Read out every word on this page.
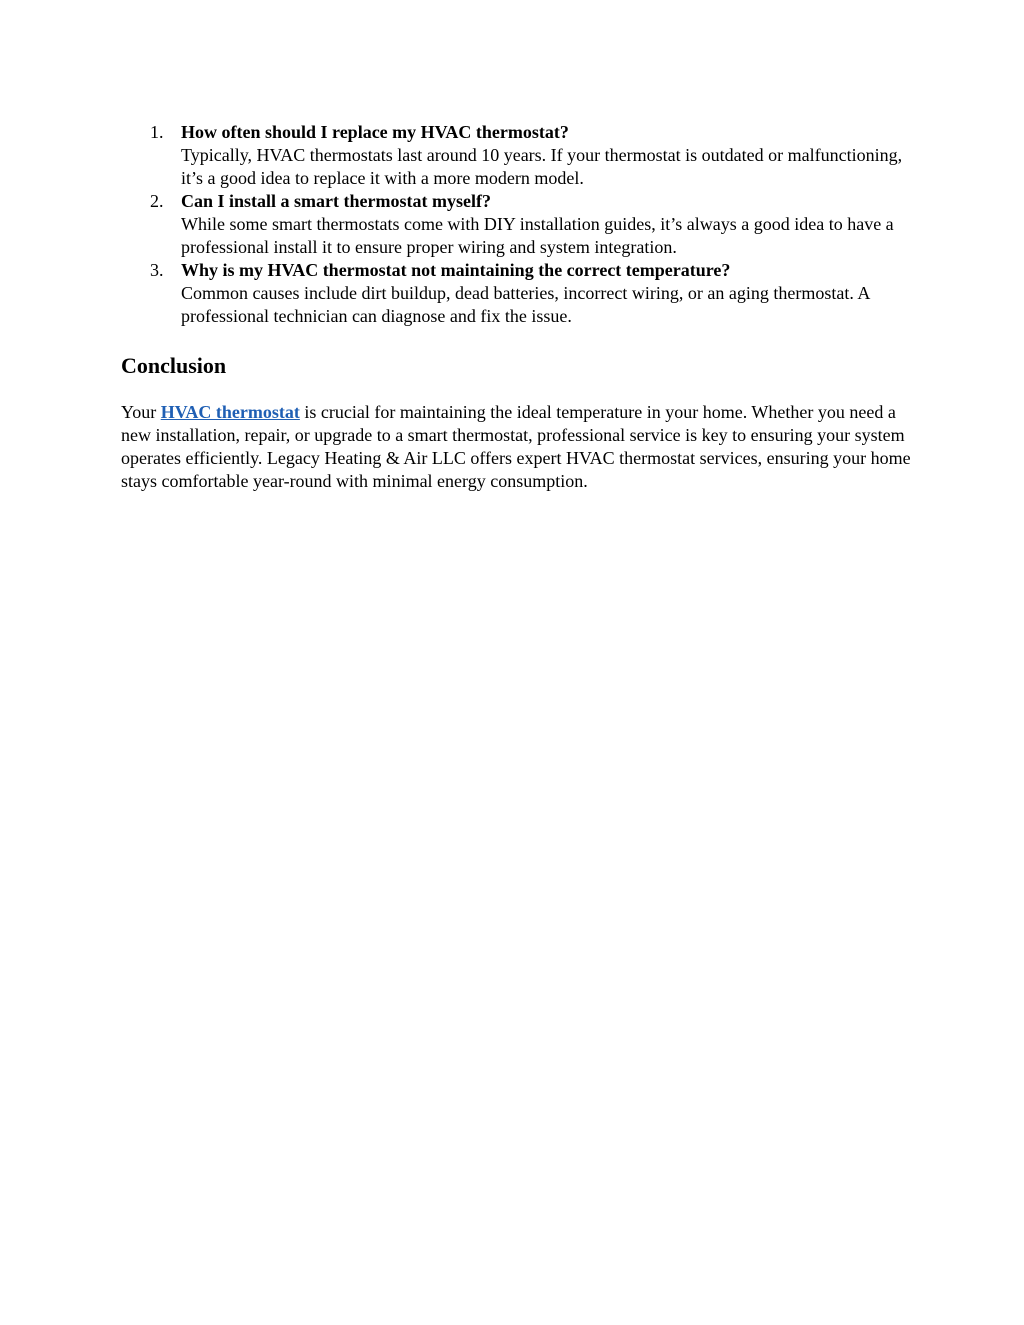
1. How often should I replace my HVAC thermostat?
Typically, HVAC thermostats last around 10 years. If your thermostat is outdated or malfunctioning, it’s a good idea to replace it with a more modern model.
2. Can I install a smart thermostat myself?
While some smart thermostats come with DIY installation guides, it’s always a good idea to have a professional install it to ensure proper wiring and system integration.
3. Why is my HVAC thermostat not maintaining the correct temperature?
Common causes include dirt buildup, dead batteries, incorrect wiring, or an aging thermostat. A professional technician can diagnose and fix the issue.
Conclusion

Your HVAC thermostat is crucial for maintaining the ideal temperature in your home. Whether you need a new installation, repair, or upgrade to a smart thermostat, professional service is key to ensuring your system operates efficiently. Legacy Heating & Air LLC offers expert HVAC thermostat services, ensuring your home stays comfortable year-round with minimal energy consumption.
